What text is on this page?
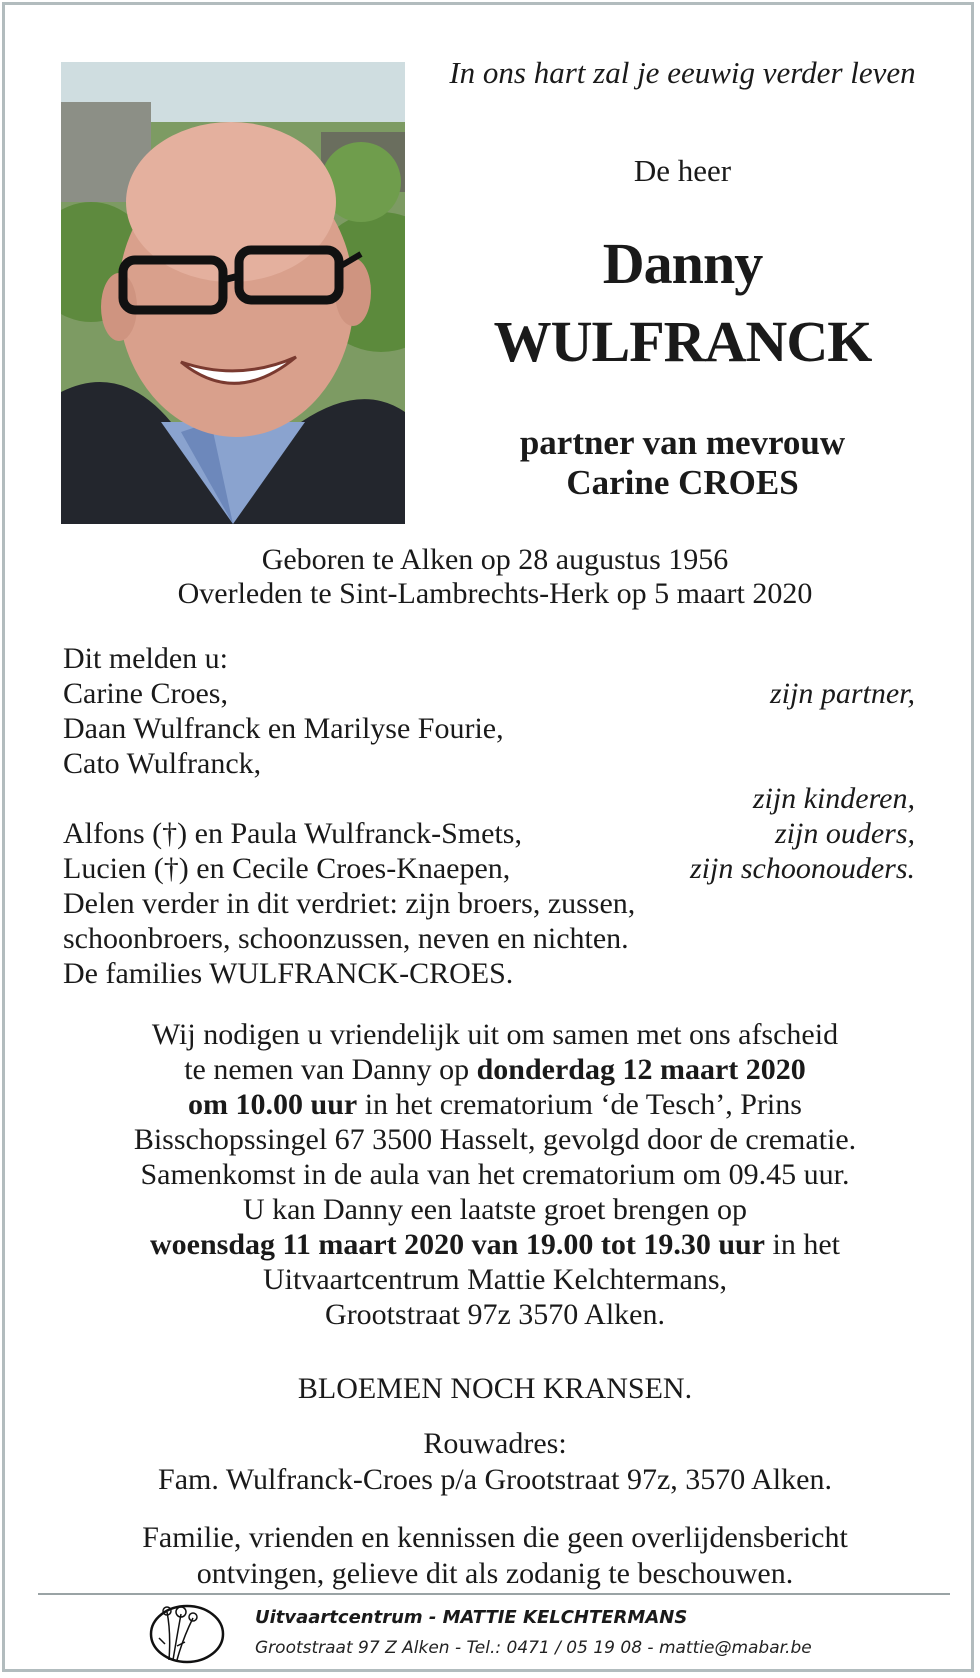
In ons hart zal je eeuwig verder leven
De heer
Danny
WULFRANCK
partner van mevrouw
Carine CROES
Geboren te Alken op 28 augustus 1956
Overleden te Sint-Lambrechts-Herk op 5 maart 2020
Dit melden u:
Carine Croes,	zijn partner,
Daan Wulfranck en Marilyse Fourie,
Cato Wulfranck,
zijn kinderen,
Alfons (†) en Paula Wulfranck-Smets,	zijn ouders,
Lucien (†) en Cecile Croes-Knaepen,	zijn schoonouders.
Delen verder in dit verdriet: zijn broers, zussen,
schoonbroers, schoonzussen, neven en nichten.
De families WULFRANCK-CROES.
Wij nodigen u vriendelijk uit om samen met ons afscheid
te nemen van Danny op donderdag 12 maart 2020
om 10.00 uur in het crematorium ‘de Tesch’, Prins
Bisschopssingel 67 3500 Hasselt, gevolgd door de crematie.
Samenkomst in de aula van het crematorium om 09.45 uur.
U kan Danny een laatste groet brengen op
woensdag 11 maart 2020 van 19.00 tot 19.30 uur in het
Uitvaartcentrum Mattie Kelchtermans,
Grootstraat 97z 3570 Alken.
BLOEMEN NOCH KRANSEN.
Rouwadres:
Fam. Wulfranck-Croes p/a Grootstraat 97z, 3570 Alken.
Familie, vrienden en kennissen die geen overlijdensbericht
ontvingen, gelieve dit als zodanig te beschouwen.
Uitvaartcentrum - MATTIE KELCHTERMANS
Grootstraat 97 Z Alken - Tel.: 0471 / 05 19 08 - mattie@mabar.be
